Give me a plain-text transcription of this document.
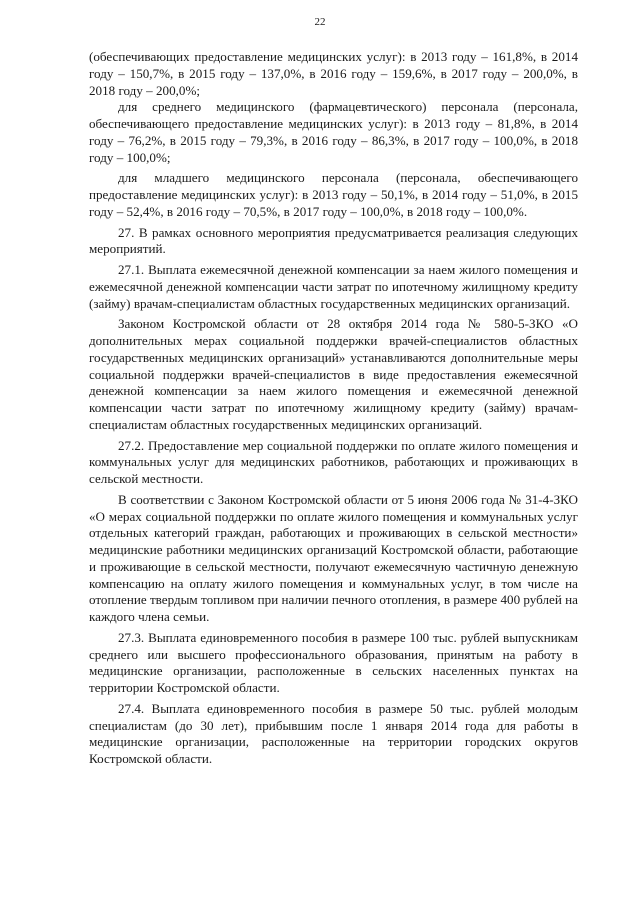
22

(обеспечивающих предоставление медицинских услуг): в 2013 году – 161,8%, в 2014 году – 150,7%, в 2015 году – 137,0%, в 2016 году – 159,6%, в 2017 году – 200,0%, в 2018 году – 200,0%;

для среднего медицинского (фармацевтического) персонала (персонала, обеспечивающего предоставление медицинских услуг): в 2013 году – 81,8%, в 2014 году – 76,2%, в 2015 году – 79,3%, в 2016 году – 86,3%, в 2017 году – 100,0%, в 2018 году – 100,0%;

для младшего медицинского персонала (персонала, обеспечивающего предоставление медицинских услуг): в 2013 году – 50,1%, в 2014 году – 51,0%, в 2015 году – 52,4%, в 2016 году – 70,5%, в 2017 году – 100,0%, в 2018 году – 100,0%.

27. В рамках основного мероприятия предусматривается реализация следующих мероприятий.

27.1. Выплата ежемесячной денежной компенсации за наем жилого помещения и ежемесячной денежной компенсации части затрат по ипотечному жилищному кредиту (займу) врачам-специалистам областных государственных медицинских организаций.

Законом Костромской области от 28 октября 2014 года № 580-5-ЗКО «О дополнительных мерах социальной поддержки врачей-специалистов областных государственных медицинских организаций» устанавливаются дополнительные меры социальной поддержки врачей-специалистов в виде предоставления ежемесячной денежной компенсации за наем жилого помещения и ежемесячной денежной компенсации части затрат по ипотечному жилищному кредиту (займу) врачам-специалистам областных государственных медицинских организаций.

27.2. Предоставление мер социальной поддержки по оплате жилого помещения и коммунальных услуг для медицинских работников, работающих и проживающих в сельской местности.

В соответствии с Законом Костромской области от 5 июня 2006 года № 31-4-ЗКО «О мерах социальной поддержки по оплате жилого помещения и коммунальных услуг отдельных категорий граждан, работающих и проживающих в сельской местности» медицинские работники медицинских организаций Костромской области, работающие и проживающие в сельской местности, получают ежемесячную частичную денежную компенсацию на оплату жилого помещения и коммунальных услуг, в том числе на отопление твердым топливом при наличии печного отопления, в размере 400 рублей на каждого члена семьи.

27.3. Выплата единовременного пособия в размере 100 тыс. рублей выпускникам среднего или высшего профессионального образования, принятым на работу в медицинские организации, расположенные в сельских населенных пунктах на территории Костромской области.

27.4. Выплата единовременного пособия в размере 50 тыс. рублей молодым специалистам (до 30 лет), прибывшим после 1 января 2014 года для работы в медицинские организации, расположенные на территории городских округов Костромской области.
